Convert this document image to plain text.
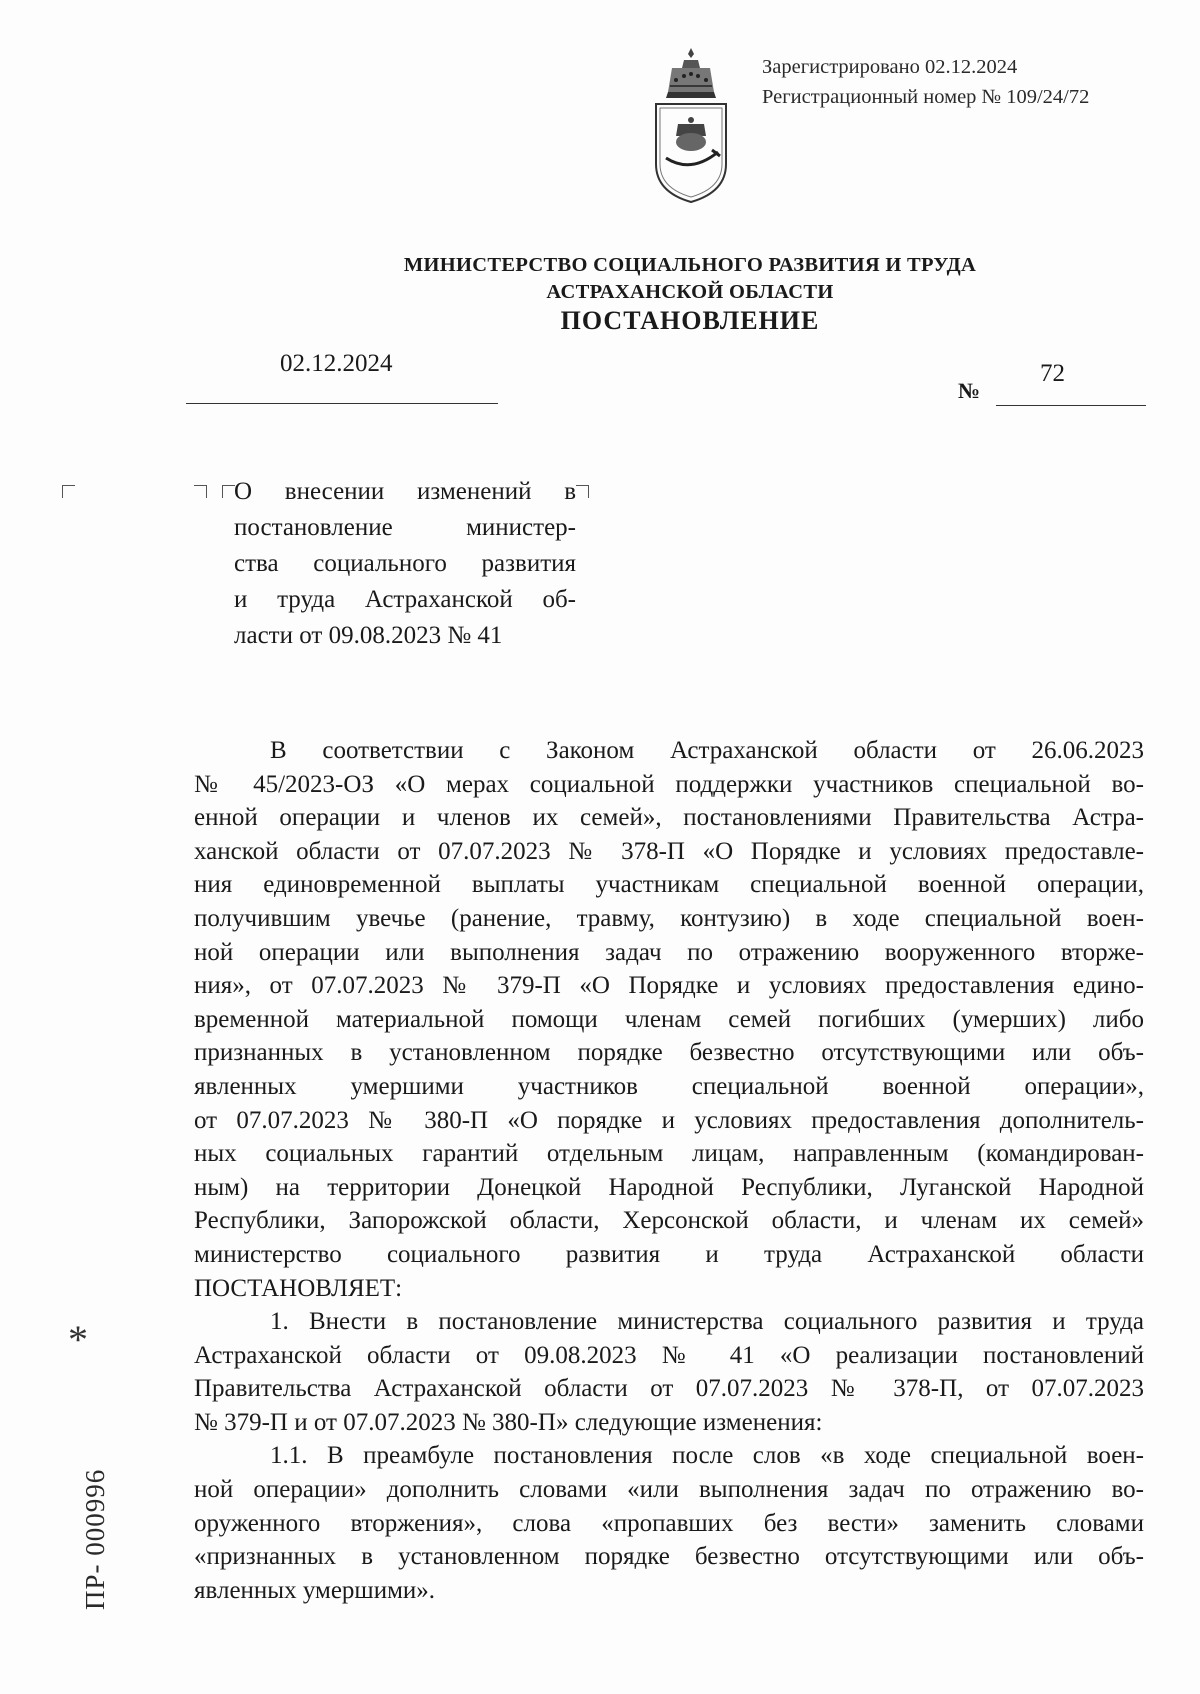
Зарегистрировано 02.12.2024
Регистрационный номер № 109/24/72
МИНИСТЕРСТВО СОЦИАЛЬНОГО РАЗВИТИЯ И ТРУДА
АСТРАХАНСКОЙ ОБЛАСТИ
ПОСТАНОВЛЕНИЕ
02.12.2024
№
72
О внесении изменений в
постановление министер-
ства социального развития
и труда Астраханской об-
ласти от 09.08.2023 № 41
В соответствии с Законом Астраханской области от 26.06.2023
№ 45/2023-ОЗ «О мерах социальной поддержки участников специальной во-
енной операции и членов их семей», постановлениями Правительства Астра-
ханской области от 07.07.2023 № 378-П «О Порядке и условиях предоставле-
ния единовременной выплаты участникам специальной военной операции,
получившим увечье (ранение, травму, контузию) в ходе специальной воен-
ной операции или выполнения задач по отражению вооруженного вторже-
ния», от 07.07.2023 № 379-П «О Порядке и условиях предоставления едино-
временной материальной помощи членам семей погибших (умерших) либо
признанных в установленном порядке безвестно отсутствующими или объ-
явленных умершими участников специальной военной операции»,
от 07.07.2023 № 380-П «О порядке и условиях предоставления дополнитель-
ных социальных гарантий отдельным лицам, направленным (командирован-
ным) на территории Донецкой Народной Республики, Луганской Народной
Республики, Запорожской области, Херсонской области, и членам их семей»
министерство социального развития и труда Астраханской области
ПОСТАНОВЛЯЕТ:
1. Внести в постановление министерства социального развития и труда
Астраханской области от 09.08.2023 № 41 «О реализации постановлений
Правительства Астраханской области от 07.07.2023 № 378-П, от 07.07.2023
№ 379-П и от 07.07.2023 № 380-П» следующие изменения:
1.1. В преамбуле постановления после слов «в ходе специальной воен-
ной операции» дополнить словами «или выполнения задач по отражению во-
оруженного вторжения», слова «пропавших без вести» заменить словами
«признанных в установленном порядке безвестно отсутствующими или объ-
явленных умершими».
*
ПР- 000996
